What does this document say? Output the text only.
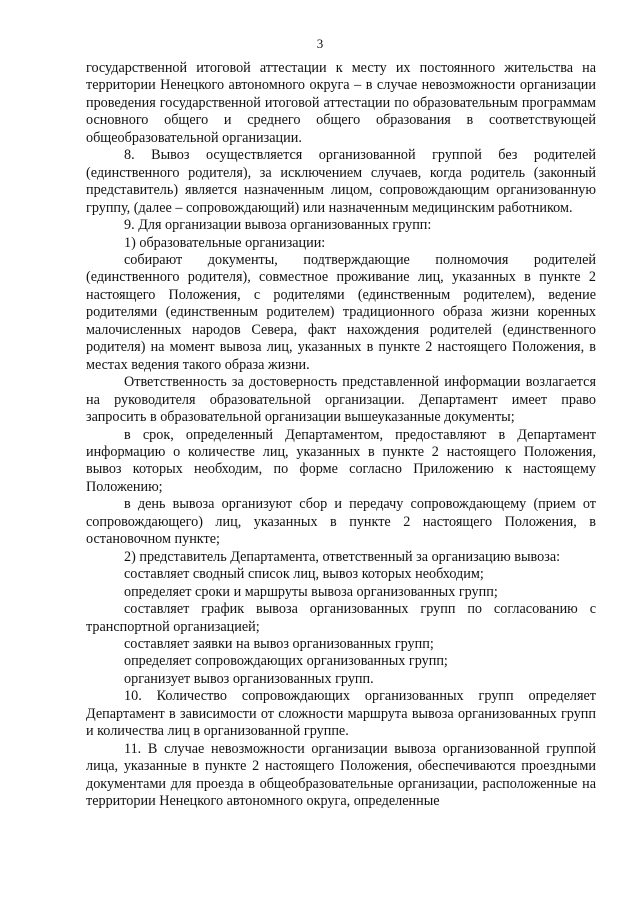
3

государственной итоговой аттестации к месту их постоянного жительства на территории Ненецкого автономного округа – в случае невозможности организации проведения государственной итоговой аттестации по образовательным программам основного общего и среднего общего образования в соответствующей общеобразовательной организации.

8. Вывоз осуществляется организованной группой без родителей (единственного родителя), за исключением случаев, когда родитель (законный представитель) является назначенным лицом, сопровождающим организованную группу, (далее – сопровождающий) или назначенным медицинским работником.

9. Для организации вывоза организованных групп:

1) образовательные организации:

собирают документы, подтверждающие полномочия родителей (единственного родителя), совместное проживание лиц, указанных в пункте 2 настоящего Положения, с родителями (единственным родителем), ведение родителями (единственным родителем) традиционного образа жизни коренных малочисленных народов Севера, факт нахождения родителей (единственного родителя) на момент вывоза лиц, указанных в пункте 2 настоящего Положения, в местах ведения такого образа жизни.

Ответственность за достоверность представленной информации возлагается на руководителя образовательной организации. Департамент имеет право запросить в образовательной организации вышеуказанные документы;

в срок, определенный Департаментом, предоставляют в Департамент информацию о количестве лиц, указанных в пункте 2 настоящего Положения, вывоз которых необходим, по форме согласно Приложению к настоящему Положению;

в день вывоза организуют сбор и передачу сопровождающему (прием от сопровождающего) лиц, указанных в пункте 2 настоящего Положения, в остановочном пункте;

2) представитель Департамента, ответственный за организацию вывоза:

составляет сводный список лиц, вывоз которых необходим;

определяет сроки и маршруты вывоза организованных групп;

составляет график вывоза организованных групп по согласованию с транспортной организацией;

составляет заявки на вывоз организованных групп;

определяет сопровождающих организованных групп;

организует вывоз организованных групп.

10. Количество сопровождающих организованных групп определяет Департамент в зависимости от сложности маршрута вывоза организованных групп и количества лиц в организованной группе.

11. В случае невозможности организации вывоза организованной группой лица, указанные в пункте 2 настоящего Положения, обеспечиваются проездными документами для проезда в общеобразовательные организации, расположенные на территории Ненецкого автономного округа, определенные
